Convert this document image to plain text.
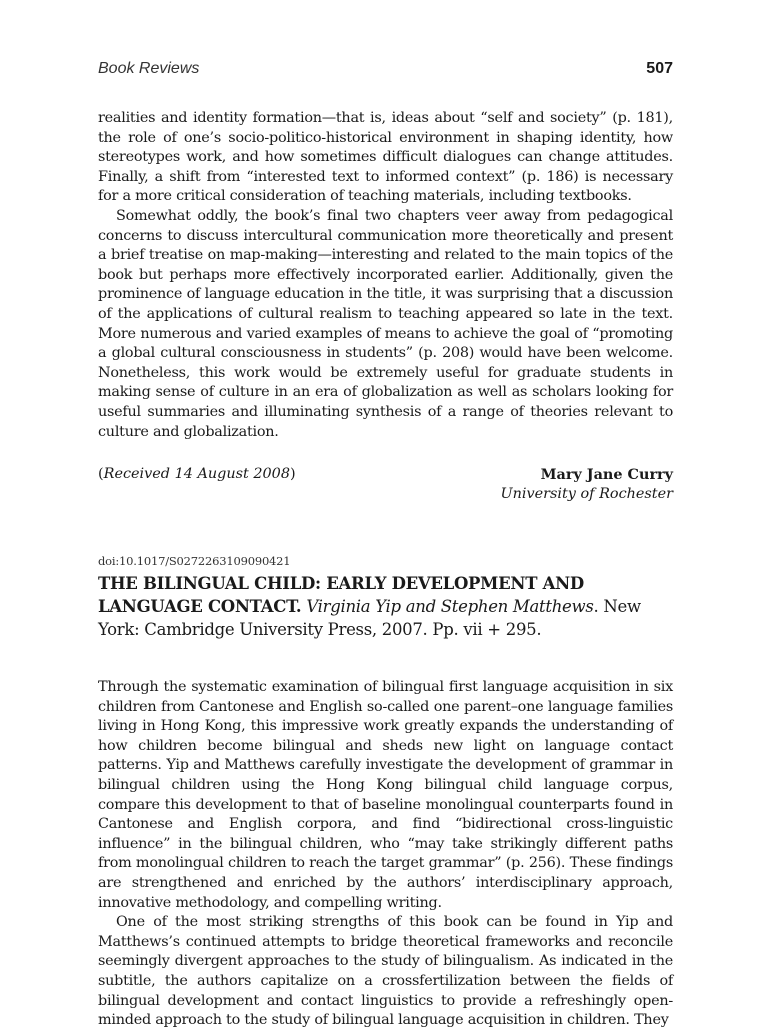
Book Reviews	507

realities and identity formation—that is, ideas about “self and society” (p. 181), the role of one’s socio-politico-historical environment in shaping identity, how stereotypes work, and how sometimes difficult dialogues can change attitudes. Finally, a shift from “interested text to informed context” (p. 186) is necessary for a more critical consideration of teaching materials, including textbooks.

Somewhat oddly, the book’s final two chapters veer away from pedagogical concerns to discuss intercultural communication more theoretically and present a brief treatise on map-making—interesting and related to the main topics of the book but perhaps more effectively incorporated earlier. Additionally, given the prominence of language education in the title, it was surprising that a discussion of the applications of cultural realism to teaching appeared so late in the text. More numerous and varied examples of means to achieve the goal of “promoting a global cultural consciousness in students” (p. 208) would have been welcome. Nonetheless, this work would be extremely useful for graduate students in making sense of culture in an era of globalization as well as scholars looking for useful summaries and illuminating synthesis of a range of theories relevant to culture and globalization.

(Received 14 August 2008)	Mary Jane Curry
University of Rochester
doi:10.1017/S0272263109090421
THE BILINGUAL CHILD: EARLY DEVELOPMENT AND LANGUAGE CONTACT. Virginia Yip and Stephen Matthews. New York: Cambridge University Press, 2007. Pp. vii + 295.

Through the systematic examination of bilingual first language acquisition in six children from Cantonese and English so-called one parent–one language families living in Hong Kong, this impressive work greatly expands the understanding of how children become bilingual and sheds new light on language contact patterns. Yip and Matthews carefully investigate the development of grammar in bilingual children using the Hong Kong bilingual child language corpus, compare this development to that of baseline monolingual counterparts found in Cantonese and English corpora, and find “bidirectional cross-linguistic influence” in the bilingual children, who “may take strikingly different paths from monolingual children to reach the target grammar” (p. 256). These findings are strengthened and enriched by the authors’ interdisciplinary approach, innovative methodology, and compelling writing.

One of the most striking strengths of this book can be found in Yip and Matthews’s continued attempts to bridge theoretical frameworks and reconcile seemingly divergent approaches to the study of bilingualism. As indicated in the subtitle, the authors capitalize on a crossfertilization between the fields of bilingual development and contact linguistics to provide a refreshingly open-minded approach to the study of bilingual language acquisition in children. They
